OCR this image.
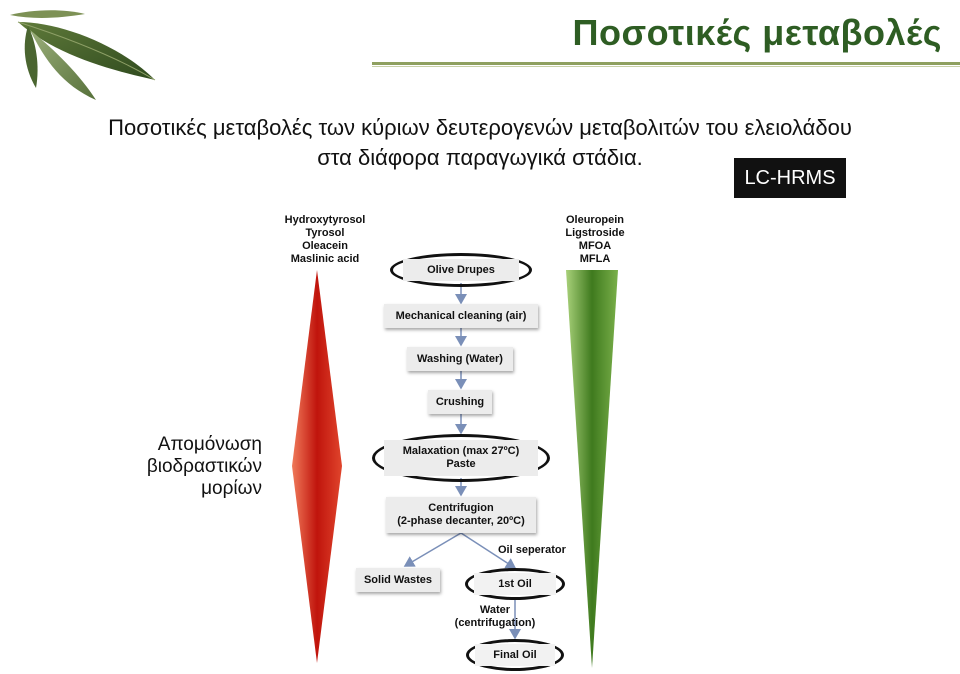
Ποσοτικές μεταβολές
Ποσοτικές μεταβολές των κύριων δευτερογενών μεταβολιτών του ελειολάδου
στα διάφορα παραγωγικά στάδια.
LC-HRMS
Απομόνωση
βιοδραστικών
μορίων
Hydroxytyrosol
Tyrosol
Oleacein
Maslinic acid
Oleuropein
Ligstroside
MFOA
MFLA
Olive Drupes
Mechanical cleaning (air)
Washing (Water)
Crushing
Malaxation (max 27ºC)
Paste
Centrifugion
(2-phase decanter, 20ºC)
Oil seperator
Solid Wastes	1st Oil
Water
(centrifugation)
Final Oil
